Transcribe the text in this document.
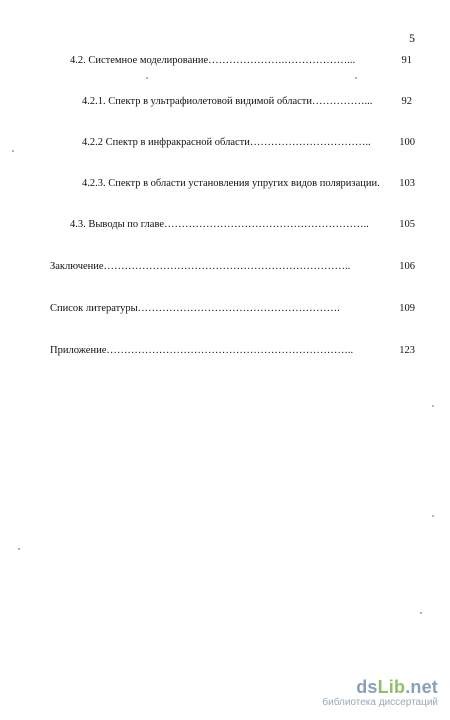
5
4.2. Системное моделирование………………….………………...	91
4.2.1. Спектр в ультрафиолетовой видимой области……………...	92
4.2.2 Спектр в инфракрасной области……………………………..	100
4.2.3. Спектр в области установления упругих видов поляризации.	103
4.3. Выводы по главе…………………………………………………..	105
Заключение……………………………………………………………..	106
Список литературы………………………………………………….	109
Приложение……………………………………………………………..	123
dsLib.net
библиотека диссертаций
